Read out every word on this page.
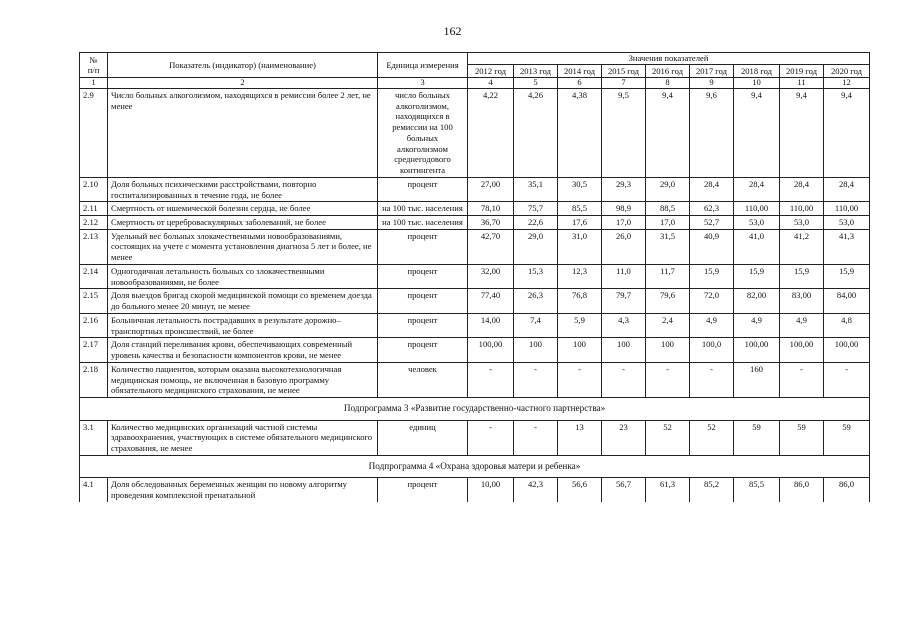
162
№
п/п	Показатель (индикатор) (наименование)	Единица измерения	Значения показателей								
			2012 год	2013 год	2014 год	2015 год	2016 год	2017 год	2018 год	2019 год	2020 год
1	2	3	4	5	6	7	8	9	10	11	12
2.9	Число больных алкоголизмом, находящихся в ремиссии более 2 лет, не менее	число больных алкоголизмом, находящихся в ремиссии на 100 больных алкоголизмом среднегодового контингента	4,22	4,26	4,38	9,5	9,4	9,6	9,4	9,4	9,4
2.10	Доля больных психическими расстройствами, повторно госпитализированных в течение года, не более	процент	27,00	35,1	30,5	29,3	29,0	28,4	28,4	28,4	28,4
2.11	Смертность от ишемической болезни сердца, не более	на 100 тыс. населения	78,10	75,7	85,5	98,9	88,5	62,3	110,00	110,00	110,00
2.12	Смертность от цереброваскулярных заболеваний, не более	на 100 тыс. населения	36,70	22,6	17,6	17,0	17,0	52,7	53,0	53,0	53,0
2.13	Удельный вес больных злокачественными новообразованиями, состоящих на учете с момента установления диагноза 5 лет и более, не менее	процент	42,70	29,0	31,0	26,0	31,5	40,9	41,0	41,2	41,3
2.14	Одногодичная летальность больных со злокачественными новообразованиями, не более	процент	32,00	15,3	12,3	11,0	11,7	15,9	15,9	15,9	15,9
2.15	Доля выездов бригад скорой медицинской помощи со временем доезда до больного менее 20 минут, не менее	процент	77,40	26,3	76,8	79,7	79,6	72,0	82,00	83,00	84,00
2.16	Больничная летальность пострадавших в результате дорожно–транспортных происшествий, не более	процент	14,00	7,4	5,9	4,3	2,4	4,9	4,9	4,9	4,8
2.17	Доля станций переливания крови, обеспечивающих современный уровень качества и безопасности компонентов крови, не менее	процент	100,00	100	100	100	100	100,0	100,00	100,00	100,00
2.18	Количество пациентов, которым оказана высокотехнологичная медицинская помощь, не включенная в базовую программу обязательного медицинского страхования, не менее	человек	-	-	-	-	-	-	160	-	-
Подпрограмма 3 «Развитие государственно-частного партнерства»											
3.1	Количество медицинских организаций частной системы здравоохранения, участвующих в системе обязательного медицинского страхования, не менее	единиц	-	-	13	23	52	52	59	59	59
Подпрограмма 4 «Охрана здоровья матери и ребенка»											
4.1	Доля обследованных беременных женщин по новому алгоритму проведения комплексной пренатальной	процент	10,00	42,3	56,6	56,7	61,3	85,2	85,5	86,0	86,0
